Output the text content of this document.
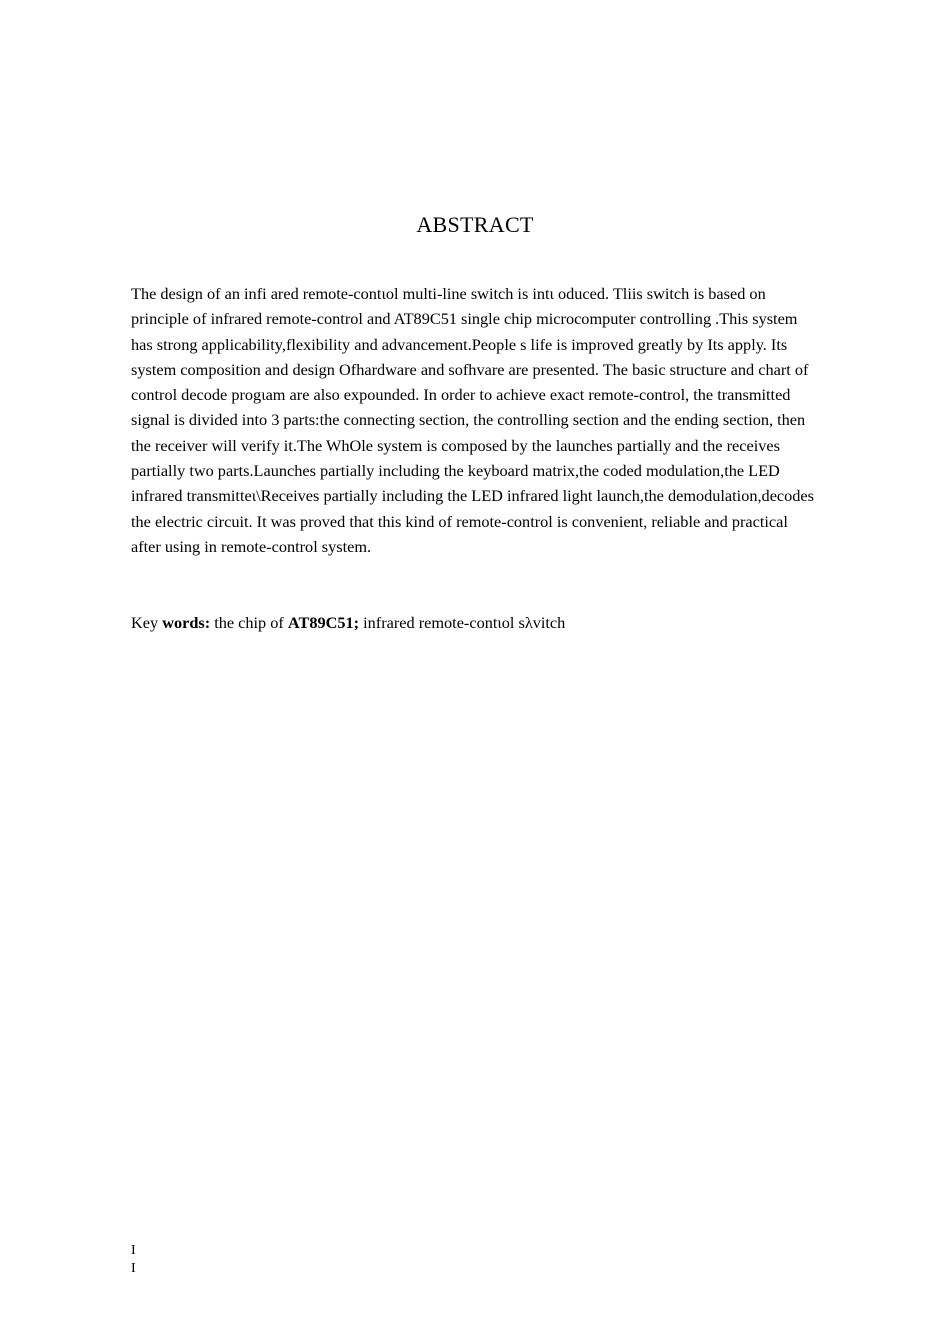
ABSTRACT

The design of an infi ared remote-contιol multi-line switch is intι oduced. Tliis switch is based on principle of infrared remote-control and AT89C51 single chip microcomputer controlling .This system has strong applicability,flexibility and advancement.People s life is improved greatly by Its apply. Its system composition and design Ofhardware and sofhvare are presented. The basic structure and chart of control decode progιam are also expounded. In order to achieve exact remote-control, the transmitted signal is divided into 3 parts:the connecting section, the controlling section and the ending section, then the receiver will verify it.The WhOle system is composed by the launches partially and the receives partially two parts.Launches partially including the keyboard matrix,the coded modulation,the LED infrared transmitteι\Receives partially including the LED infrared light launch,the demodulation,decodes the electric circuit. It was proved that this kind of remote-control is convenient, reliable and practical after using in remote-control system.

Key words: the chip of AT89C51; infrared remote-contιol sλvitch

I
I
